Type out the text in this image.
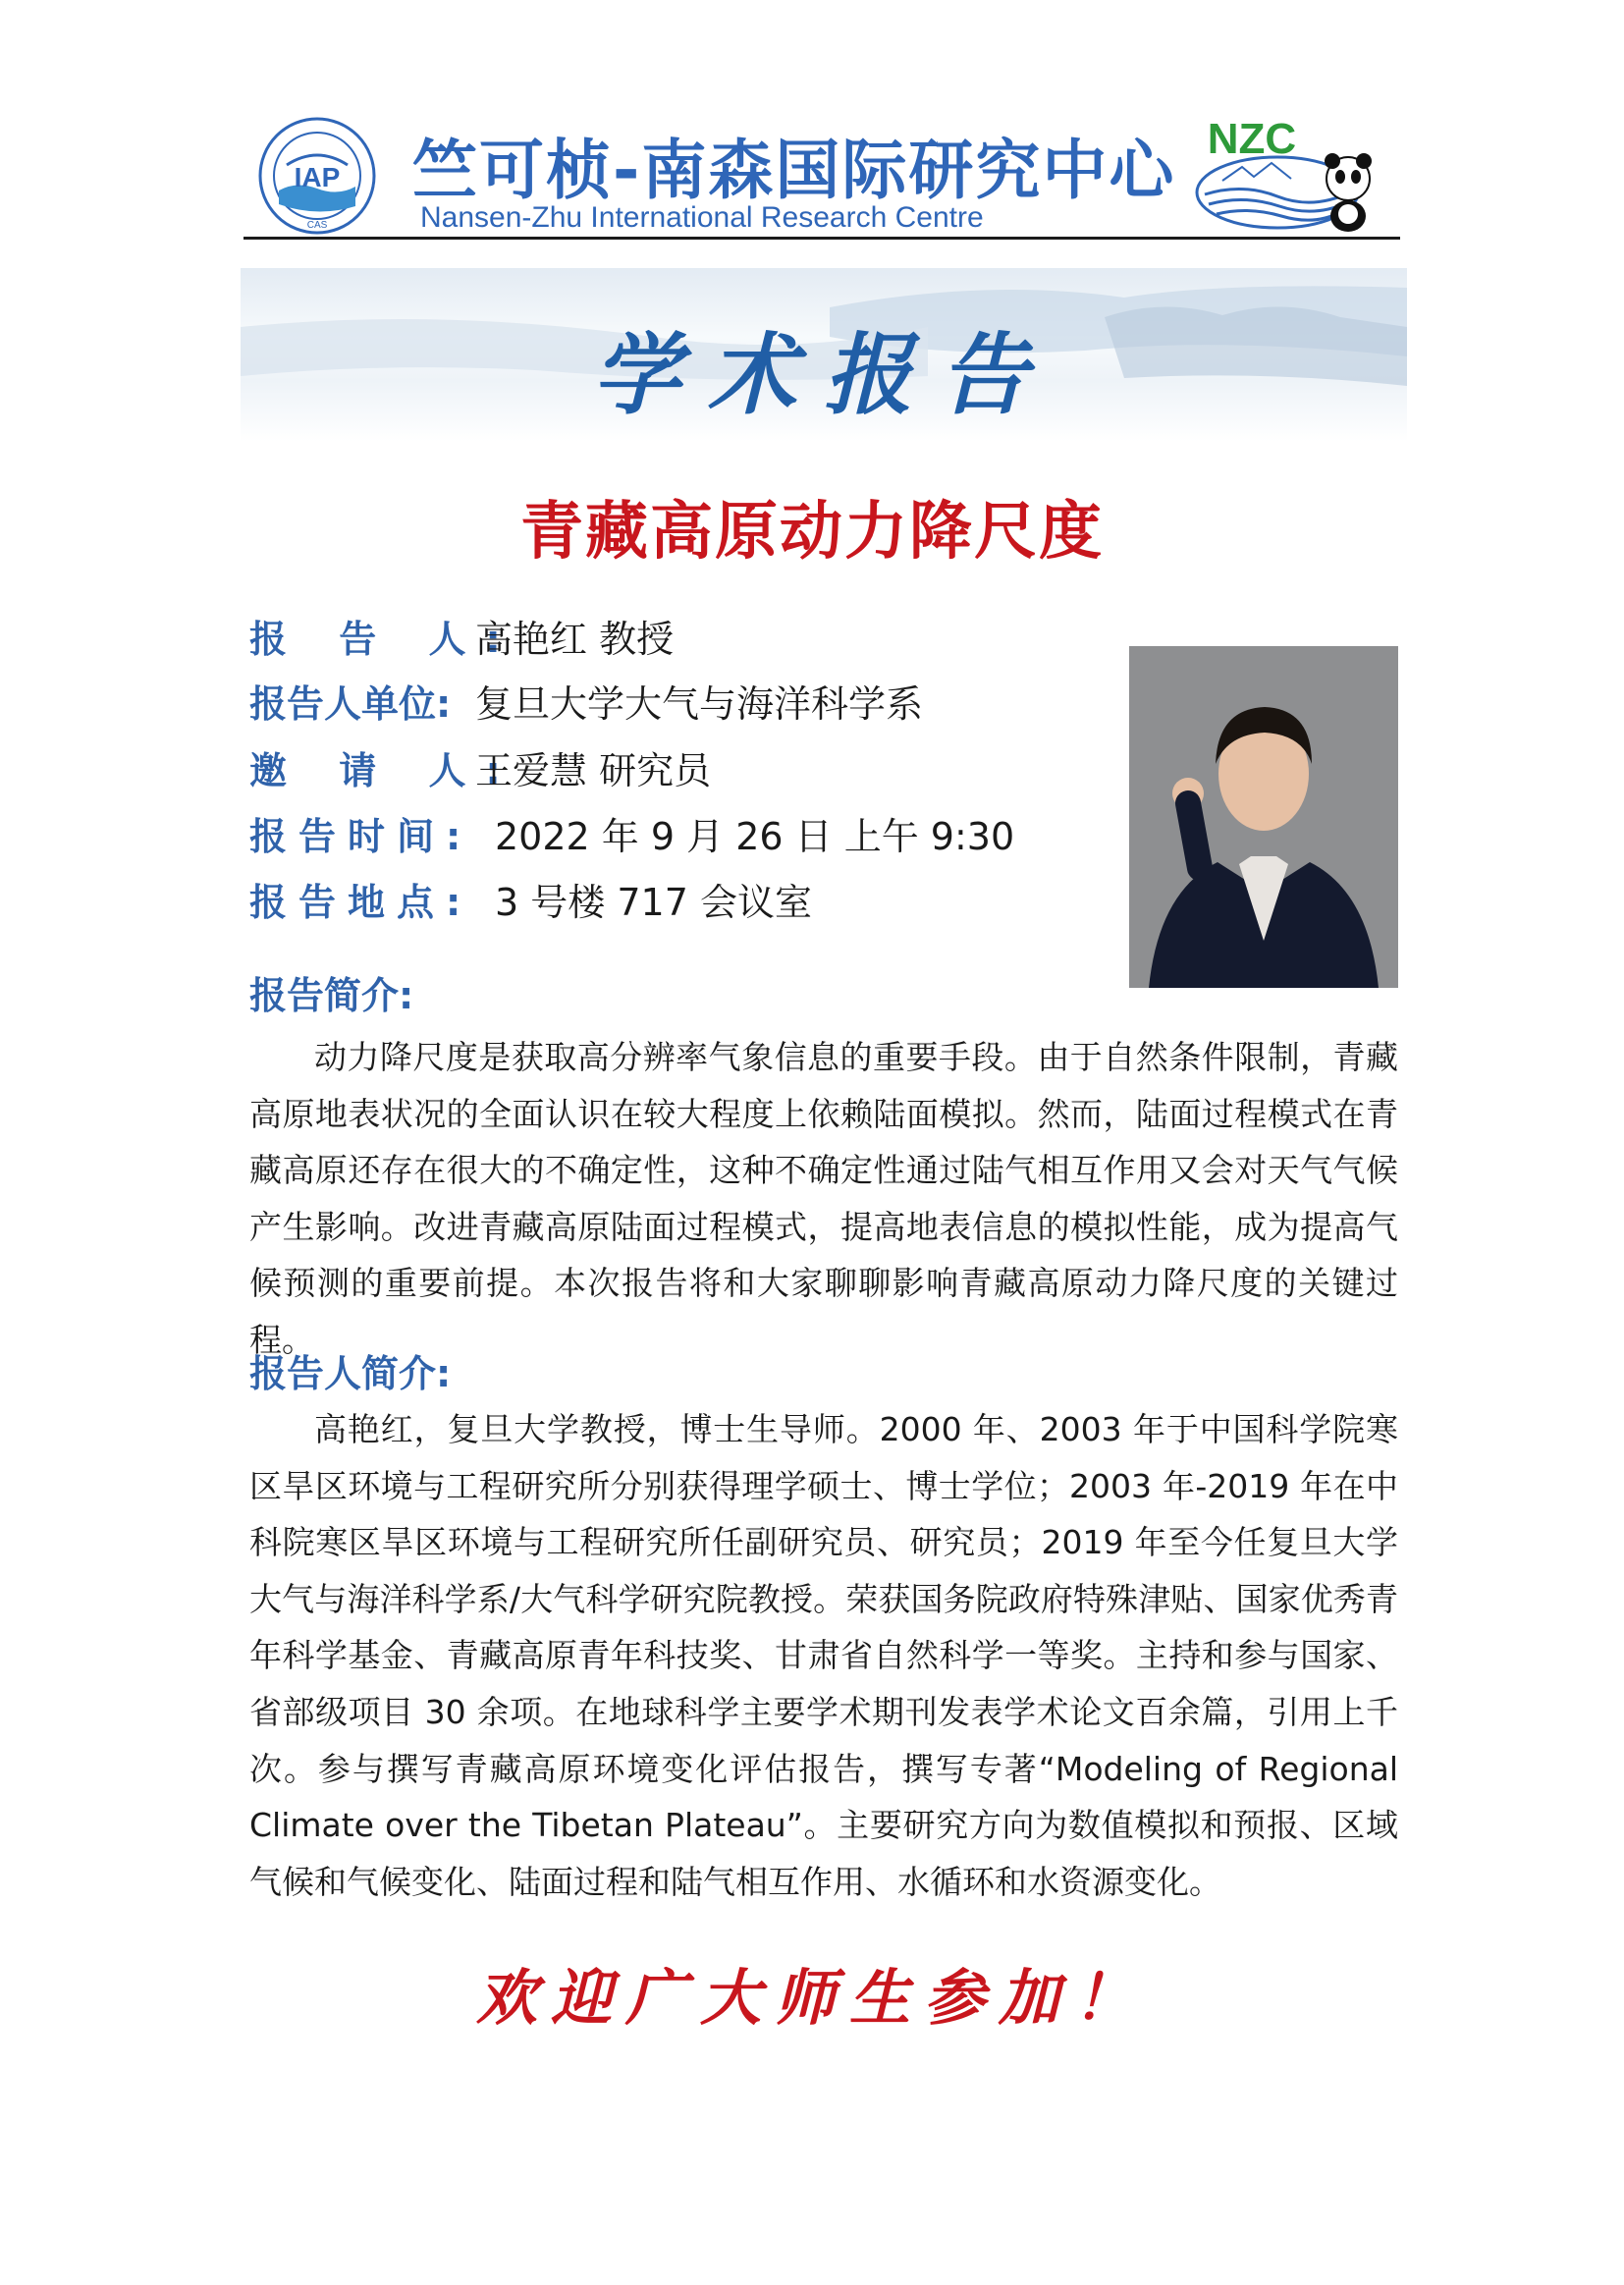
IAP
CAS
竺可桢-南森国际研究中心
Nansen-Zhu International Research Centre
NZC
学术报告
青藏高原动力降尺度
报 告 人:高艳红 教授
报告人单位: 复旦大学大气与海洋科学系
邀 请 人:王爱慧 研究员
报告时间: 2022 年 9 月 26 日 上午 9:30
报告地点: 3 号楼 717 会议室
报告简介:
动力降尺度是获取高分辨率气象信息的重要手段。由于自然条件限制，青藏高原地表状况的全面认识在较大程度上依赖陆面模拟。然而，陆面过程模式在青藏高原还存在很大的不确定性，这种不确定性通过陆气相互作用又会对天气气候产生影响。改进青藏高原陆面过程模式，提高地表信息的模拟性能，成为提高气候预测的重要前提。本次报告将和大家聊聊影响青藏高原动力降尺度的关键过程。
报告人简介:
高艳红，复旦大学教授，博士生导师。2000 年、2003 年于中国科学院寒区旱区环境与工程研究所分别获得理学硕士、博士学位；2003 年-2019 年在中科院寒区旱区环境与工程研究所任副研究员、研究员；2019 年至今任复旦大学大气与海洋科学系/大气科学研究院教授。荣获国务院政府特殊津贴、国家优秀青年科学基金、青藏高原青年科技奖、甘肃省自然科学一等奖。主持和参与国家、省部级项目 30 余项。在地球科学主要学术期刊发表学术论文百余篇，引用上千次。参与撰写青藏高原环境变化评估报告，撰写专著“Modeling of Regional Climate over the Tibetan Plateau”。主要研究方向为数值模拟和预报、区域气候和气候变化、陆面过程和陆气相互作用、水循环和水资源变化。
欢迎广大师生参加！
